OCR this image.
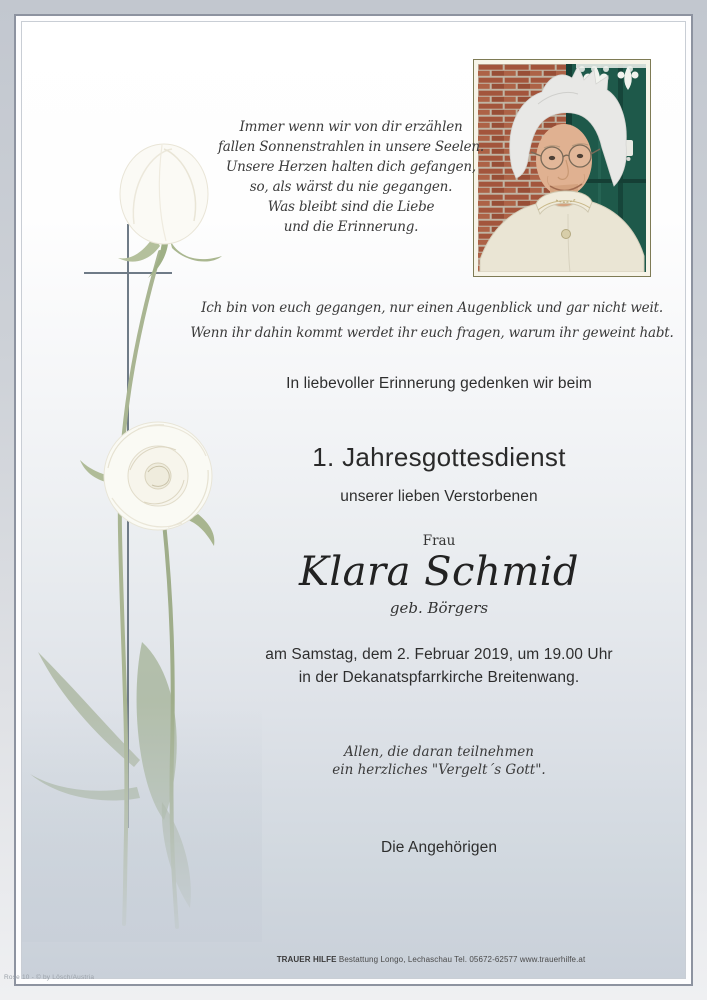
Immer wenn wir von dir erzählen
fallen Sonnenstrahlen in unsere Seelen.
Unsere Herzen halten dich gefangen,
so, als wärst du nie gegangen.
Was bleibt sind die Liebe
und die Erinnerung.
Ich bin von euch gegangen, nur einen Augenblick und gar nicht weit.
Wenn ihr dahin kommt werdet ihr euch fragen, warum ihr geweint habt.
In liebevoller Erinnerung gedenken wir beim
1. Jahresgottesdienst
unserer lieben Verstorbenen
Frau
Klara Schmid
geb. Börgers
am Samstag, dem 2. Februar 2019, um 19.00 Uhr
in der Dekanatspfarrkirche Breitenwang.
Allen, die daran teilnehmen
ein herzliches "Vergelt´s Gott".
Die Angehörigen
TRAUER HILFE Bestattung Longo, Lechaschau Tel. 05672-62577 www.trauerhilfe.at
Rose 10 - © by Lösch/Austria
